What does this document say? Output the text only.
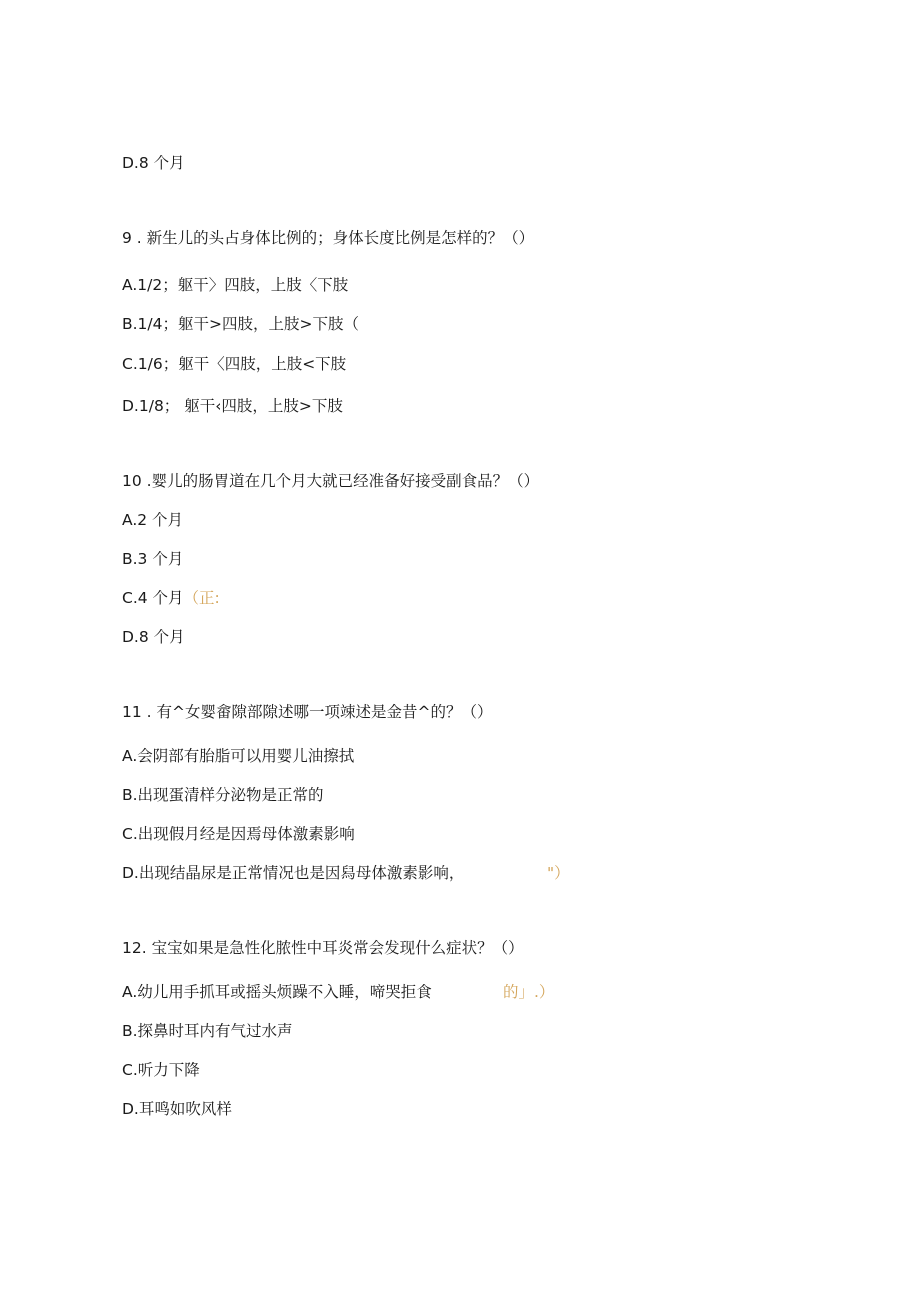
D.8 个月
9 . 新生儿的头占身体比例的；身体长度比例是怎样的？（）
A.1/2；躯干〉四肢，上肢〈下肢
B.1/4；躯干>四肢，上肢>下肢（
C.1/6；躯干〈四肢，上肢<下肢
D.1/8； 躯干‹四肢，上肢>下肢
10 .婴儿的肠胃道在几个月大就已经准备好接受副食品？（）
A.2 个月
B.3 个月
C.4 个月（正:
D.8 个月
11 . 有^女婴畲隙部隙述哪一项竦述是金昔^的？（）
A.会阴部有胎脂可以用婴儿油擦拭
B.出现蛋清样分泌物是正常的
C.出现假月经是因焉母体激素影响
D.出现结晶尿是正常情况也是因舄母体激素影响，	"）
12. 宝宝如果是急性化脓性中耳炎常会发现什么症状？（）
A.幼儿用手抓耳或摇头烦躁不入睡，啼哭拒食	的」.）
B.探鼻时耳内有气过水声
C.听力下降
D.耳鸣如吹风样
